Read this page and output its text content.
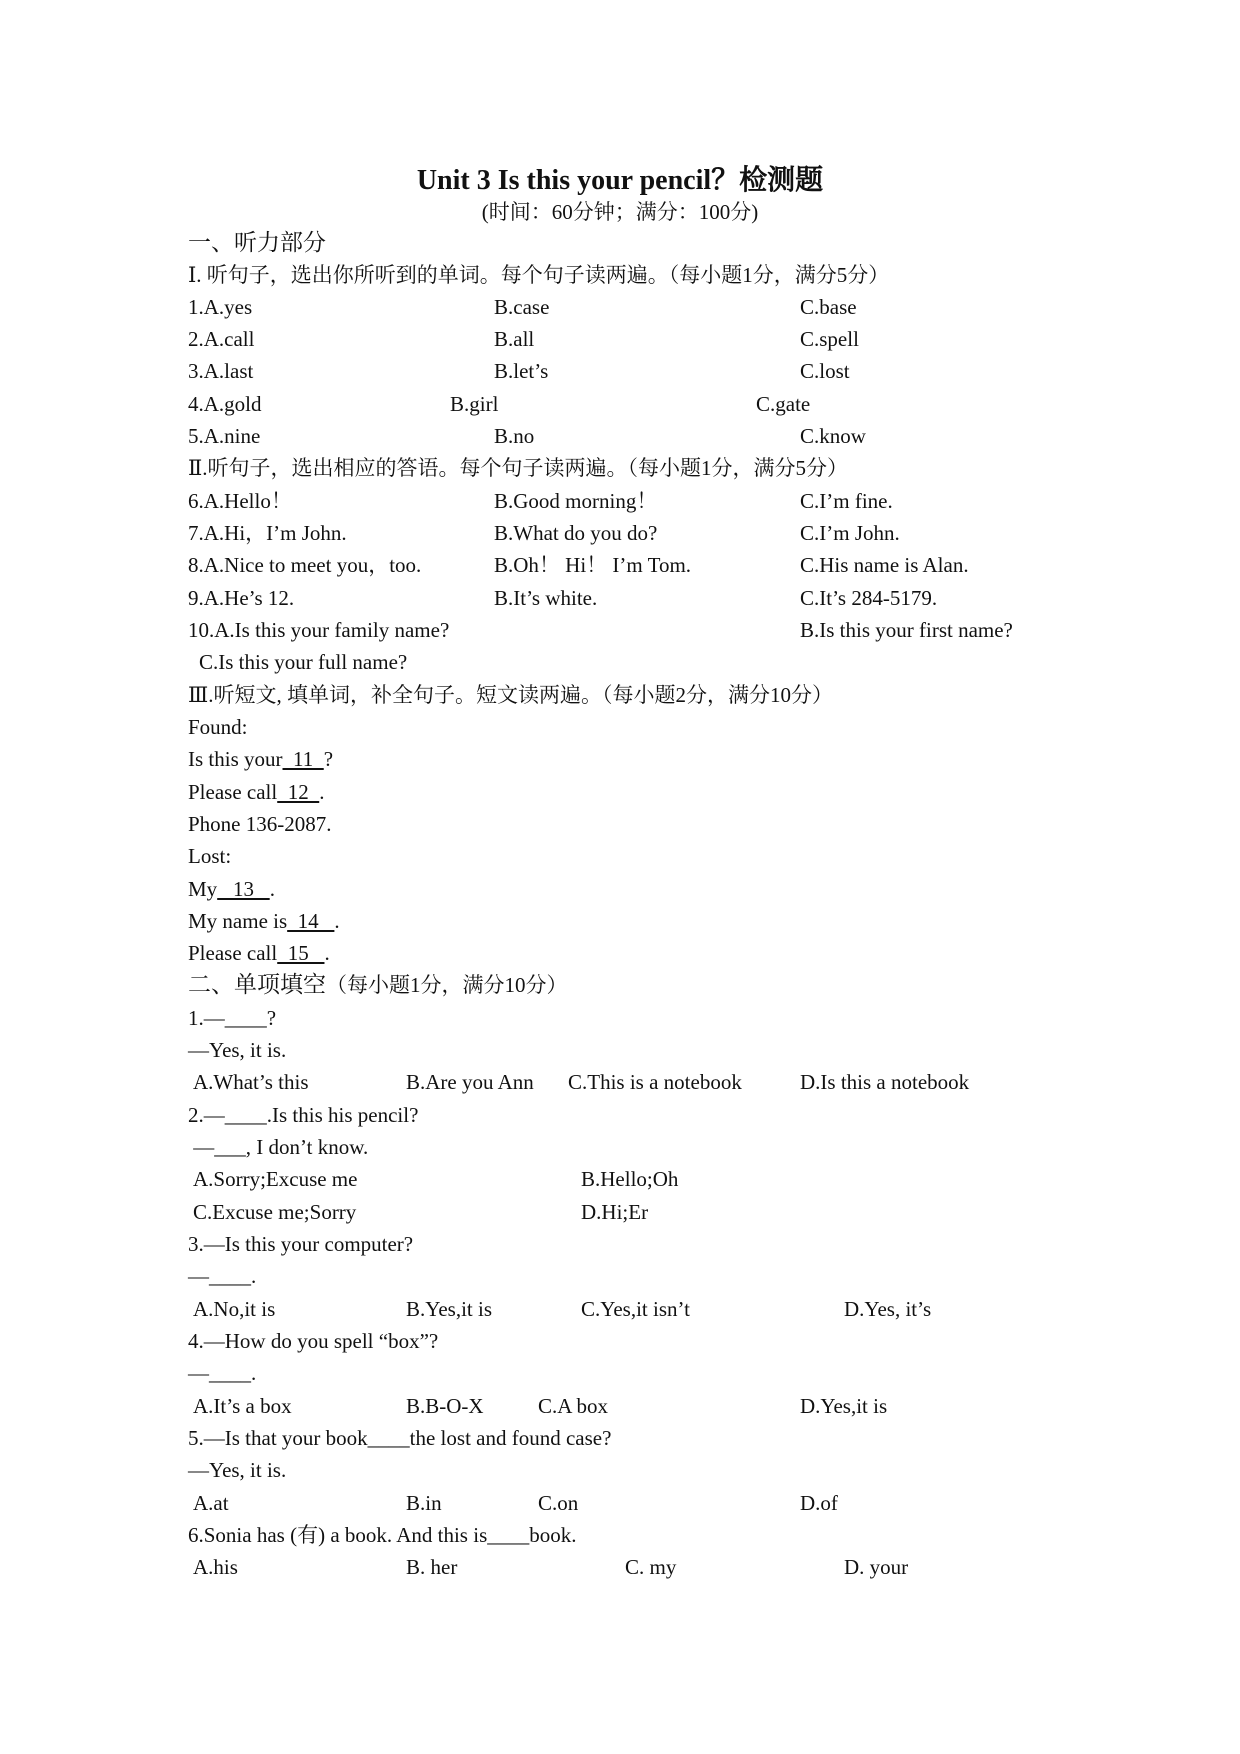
Unit 3 Is this your pencil？检测题
(时间：60分钟；满分：100分)
一、听力部分
Ⅰ. 听句子，选出你所听到的单词。每个句子读两遍。（每小题1分，满分5分）
1.A.yes	B.case	C.base
2.A.call	B.all	C.spell
3.A.last	B.let’s	C.lost
4.A.gold	B.girl	C.gate
5.A.nine	B.no	C.know
Ⅱ.听句子，选出相应的答语。每个句子读两遍。（每小题1分，满分5分）
6.A.Hello！	B.Good morning！	C.I’m fine.
7.A.Hi，I’m John.	B.What do you do?	C.I’m John.
8.A.Nice to meet you，too.	B.Oh！ Hi！ I’m Tom.	C.His name is Alan.
9.A.He’s 12.	B.It’s white.	C.It’s 284-5179.
10.A.Is this your family name?	B.Is this your first name?
C.Is this your full name?
Ⅲ.听短文, 填单词，补全句子。短文读两遍。（每小题2分，满分10分）
Found:
Is this your  11  ?
Please call  12  .
Phone 136-2087.
Lost:
My   13   .
My name is  14   .
Please call  15   .
二、单项填空（每小题1分，满分10分）
1.—____?
—Yes, it is.
A.What’s this	B.Are you Ann C.This is a notebook	D.Is this a notebook
2.—____.Is this his pencil?
—___, I don’t know.
A.Sorry;Excuse me	B.Hello;Oh
C.Excuse me;Sorry	D.Hi;Er
3.—Is this your computer?
—____.
A.No,it is	B.Yes,it is	C.Yes,it isn’t	D.Yes, it’s
4.—How do you spell “box”?
—____.
A.It’s a box	B.B-O-X	C.A box	D.Yes,it is
5.—Is that your book____the lost and found case?
—Yes, it is.
A.at	B.in	C.on	D.of
6.Sonia has (有) a book. And this is____book.
A.his	B. her	C. my	D. your
